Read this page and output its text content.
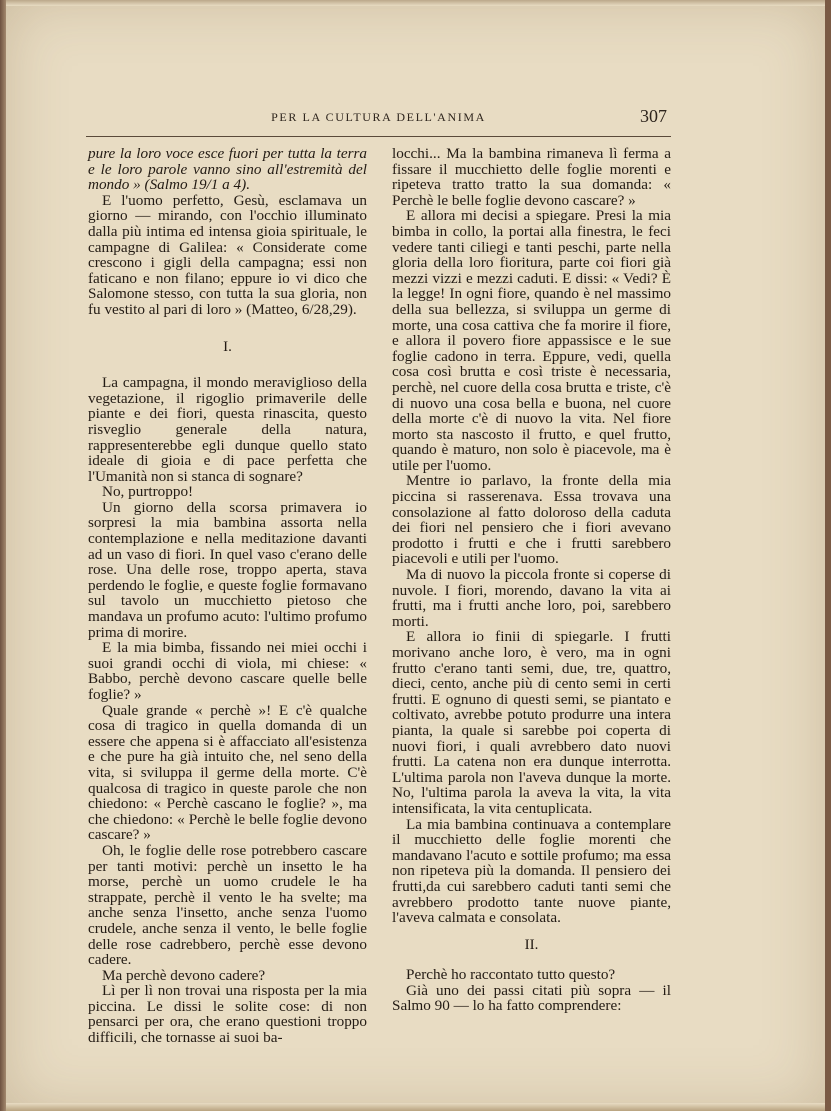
PER LA CULTURA DELL'ANIMA	307

pure la loro voce esce fuori per tutta la terra e le loro parole vanno sino all'estremità del mondo » (Salmo 19/1 a 4).

E l'uomo perfetto, Gesù, esclamava un giorno — mirando, con l'occhio illuminato dalla più intima ed intensa gioia spirituale, le campagne di Galilea: « Considerate come crescono i gigli della campagna; essi non faticano e non filano; eppure io vi dico che Salomone stesso, con tutta la sua gloria, non fu vestito al pari di loro » (Matteo, 6/28,29).

I.

La campagna, il mondo meraviglioso della vegetazione, il rigoglio primaverile delle piante e dei fiori, questa rinascita, questo risveglio generale della natura, rappresenterebbe egli dunque quello stato ideale di gioia e di pace perfetta che l'Umanità non si stanca di sognare?

No, purtroppo!

Un giorno della scorsa primavera io sorpresi la mia bambina assorta nella contemplazione e nella meditazione davanti ad un vaso di fiori. In quel vaso c'erano delle rose. Una delle rose, troppo aperta, stava perdendo le foglie, e queste foglie formavano sul tavolo un mucchietto pietoso che mandava un profumo acuto: l'ultimo profumo prima di morire.

E la mia bimba, fissando nei miei occhi i suoi grandi occhi di viola, mi chiese: « Babbo, perchè devono cascare quelle belle foglie? »

Quale grande « perchè »! E c'è qualche cosa di tragico in quella domanda di un essere che appena si è affacciato all'esistenza e che pure ha già intuito che, nel seno della vita, si sviluppa il germe della morte. C'è qualcosa di tragico in queste parole che non chiedono: « Perchè cascano le foglie? », ma che chiedono: « Perchè le belle foglie devono cascare? »

Oh, le foglie delle rose potrebbero cascare per tanti motivi: perchè un insetto le ha morse, perchè un uomo crudele le ha strappate, perchè il vento le ha svelte; ma anche senza l'insetto, anche senza l'uomo crudele, anche senza il vento, le belle foglie delle rose cadrebbero, perchè esse devono cadere.

Ma perchè devono cadere?

Lì per lì non trovai una risposta per la mia piccina. Le dissi le solite cose: di non pensarci per ora, che erano questioni troppo difficili, che tornasse ai suoi ba-

locchi... Ma la bambina rimaneva lì ferma a fissare il mucchietto delle foglie morenti e ripeteva tratto tratto la sua domanda: « Perchè le belle foglie devono cascare? »

E allora mi decisi a spiegare. Presi la mia bimba in collo, la portai alla finestra, le feci vedere tanti ciliegi e tanti peschi, parte nella gloria della loro fioritura, parte coi fiori già mezzi vizzi e mezzi caduti. E dissi: « Vedi? È la legge! In ogni fiore, quando è nel massimo della sua bellezza, si sviluppa un germe di morte, una cosa cattiva che fa morire il fiore, e allora il povero fiore appassisce e le sue foglie cadono in terra. Eppure, vedi, quella cosa così brutta e così triste è necessaria, perchè, nel cuore della cosa brutta e triste, c'è di nuovo una cosa bella e buona, nel cuore della morte c'è di nuovo la vita. Nel fiore morto sta nascosto il frutto, e quel frutto, quando è maturo, non solo è piacevole, ma è utile per l'uomo.

Mentre io parlavo, la fronte della mia piccina si rasserenava. Essa trovava una consolazione al fatto doloroso della caduta dei fiori nel pensiero che i fiori avevano prodotto i frutti e che i frutti sarebbero piacevoli e utili per l'uomo.

Ma di nuovo la piccola fronte si coperse di nuvole. I fiori, morendo, davano la vita ai frutti, ma i frutti anche loro, poi, sarebbero morti.

E allora io finii di spiegarle. I frutti morivano anche loro, è vero, ma in ogni frutto c'erano tanti semi, due, tre, quattro, dieci, cento, anche più di cento semi in certi frutti. E ognuno di questi semi, se piantato e coltivato, avrebbe potuto produrre una intera pianta, la quale si sarebbe poi coperta di nuovi fiori, i quali avrebbero dato nuovi frutti. La catena non era dunque interrotta. L'ultima parola non l'aveva dunque la morte. No, l'ultima parola la aveva la vita, la vita intensificata, la vita centuplicata.

La mia bambina continuava a contemplare il mucchietto delle foglie morenti che mandavano l'acuto e sottile profumo; ma essa non ripeteva più la domanda. Il pensiero dei frutti,da cui sarebbero caduti tanti semi che avrebbero prodotto tante nuove piante, l'aveva calmata e consolata.

II.

Perchè ho raccontato tutto questo?

Già uno dei passi citati più sopra — il Salmo 90 — lo ha fatto comprendere:
